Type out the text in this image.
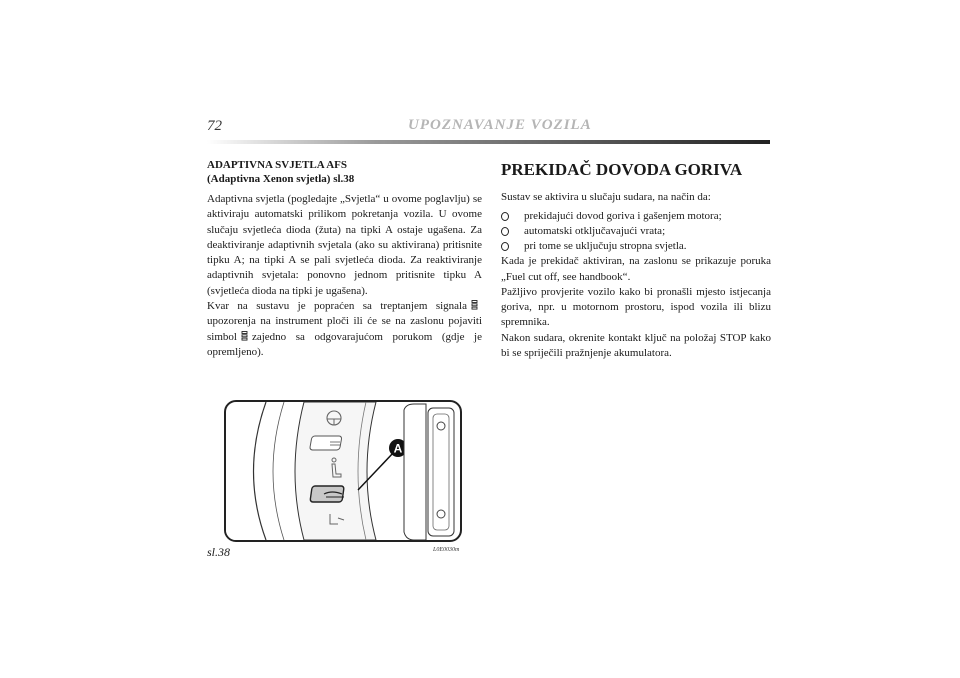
72	UPOZNAVANJE VOZILA

ADAPTIVNA SVJETLA AFS

(Adaptivna Xenon svjetla) sl.38

Adaptivna svjetla (pogledajte „Svjetla“ u ovome poglavlju) se aktiviraju automatski prilikom pokretanja vozila. U ovome slučaju svjetleća dioda (žuta) na tipki A ostaje ugašena. Za deaktiviranje adaptivnih svjetala (ako su aktivirana) pritisnite tipku A; na tipki A se pali svjetleća dioda. Za reaktiviranje adaptivnih svjetala: ponovno jednom pritisnite tipku A (svjetleća dioda na tipki je ugašena).

Kvar na sustavu je popraćen sa treptanjem signalaupozorenja na instrument ploči ili će se na zaslonu pojaviti simbol zajedno sa odgovarajućom porukom (gdje je opremljeno).

PREKIDAČ DOVODA GORIVA

Sustav se aktivira u slučaju sudara, na način da:

prekidajući dovod goriva i gašenjem motora;
automatski otključavajući vrata;
pri tome se uključuju stropna svjetla.

Kada je prekidač aktiviran, na zaslonu se prikazuje poruka „Fuel cut off, see handbook“.

Pažljivo provjerite vozilo kako bi pronašli mjesto istjecanja goriva, npr. u motornom prostoru, ispod vozila ili blizu spremnika.

Nakon sudara, okrenite kontakt ključ na položaj STOP kako bi se spriječili pražnjenje akumulatora.

A
sl.38	L0E0030m
